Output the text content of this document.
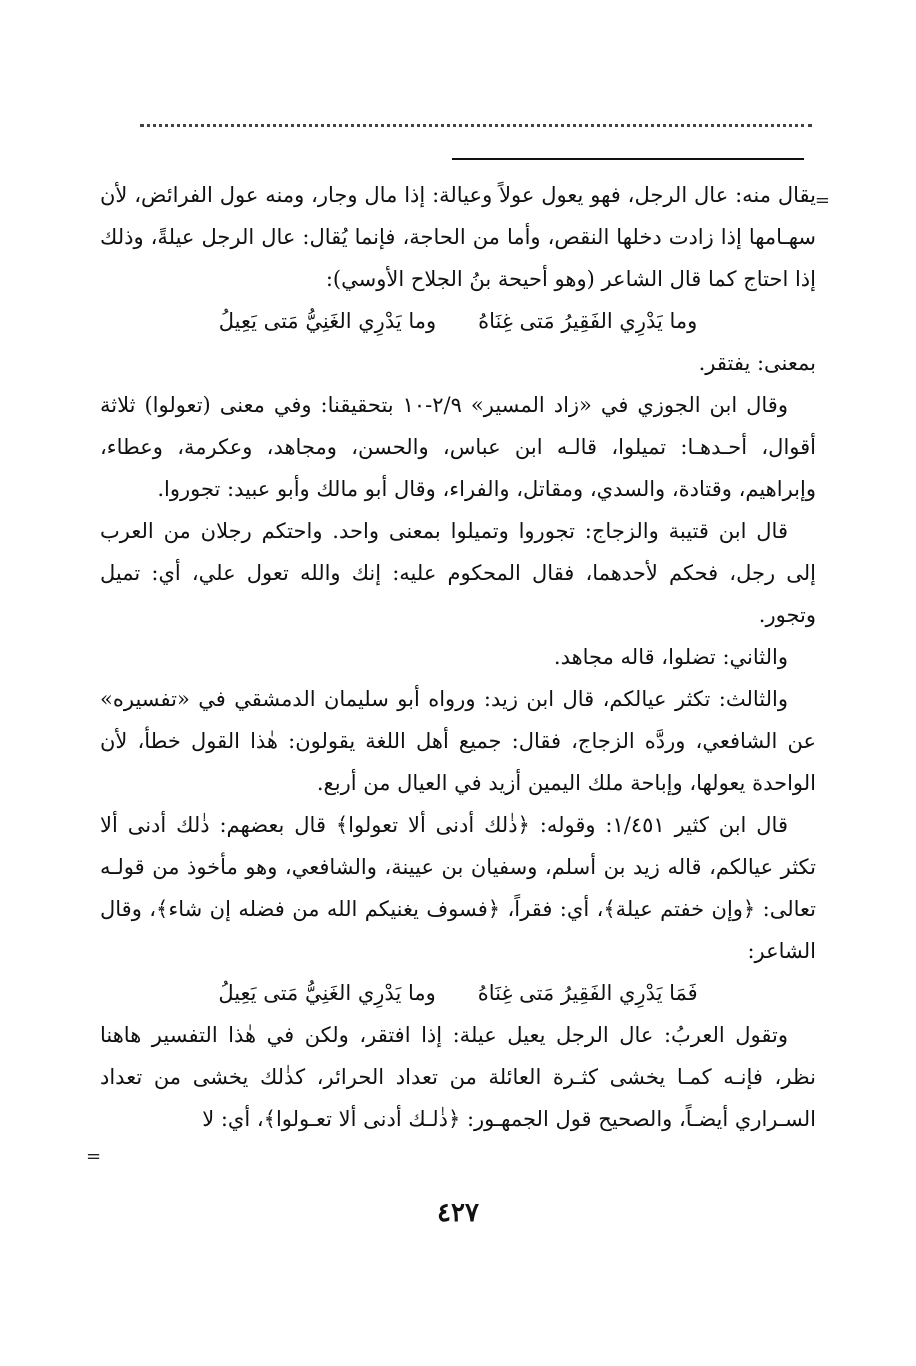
=

يقال منه: عال الرجل، فهو يعول عولاً وعيالة: إذا مال وجار، ومنه عول الفرائض، لأن سهـامها إذا زادت دخلها النقص، وأما من الحاجة، فإنما يُقال: عال الرجل عيلةً، وذلك إذا احتاج كما قال الشاعر (وهو أحيحة بنُ الجلاح الأوسي):

وما يَدْرِي الفَقِيرُ مَتى غِنَاهُ
وما يَدْرِي الغَنِيُّ مَتى يَعِيلُ

بمعنى: يفتقر.

وقال ابن الجوزي في «زاد المسير» ٢/٩-١٠ بتحقيقنا: وفي معنى (تعولوا) ثلاثة أقوال، أحـدهـا: تميلوا، قالـه ابن عباس، والحسن، ومجاهد، وعكرمة، وعطاء، وإبراهيم، وقتادة، والسدي، ومقاتل، والفراء، وقال أبو مالك وأبو عبيد: تجوروا.

قال ابن قتيبة والزجاج: تجوروا وتميلوا بمعنى واحد. واحتكم رجلان من العرب إلى رجل، فحكم لأحدهما، فقال المحكوم عليه: إنك والله تعول علي، أي: تميل وتجور.

والثاني: تضلوا، قاله مجاهد.

والثالث: تكثر عيالكم، قال ابن زيد: ورواه أبو سليمان الدمشقي في «تفسيره» عن الشافعي، وردَّه الزجاج، فقال: جميع أهل اللغة يقولون: هٰذا القول خطأ، لأن الواحدة يعولها، وإباحة ملك اليمين أزيد في العيال من أربع.

قال ابن كثير ١/٤٥١: وقوله: ﴿ذٰلك أدنى ألا تعولوا﴾ قال بعضهم: ذٰلك أدنى ألا تكثر عيالكم، قاله زيد بن أسلم، وسفيان بن عيينة، والشافعي، وهو مأخوذ من قولـه تعالى: ﴿وإن خفتم عيلة﴾، أي: فقراً، ﴿فسوف يغنيكم الله من فضله إن شاء﴾، وقال الشاعر:

فَمَا يَدْرِي الفَقِيرُ مَتى غِنَاهُ
وما يَدْرِي الغَنِيُّ مَتى يَعِيلُ

وتقول العربُ: عال الرجل يعيل عيلة: إذا افتقر، ولكن في هٰذا التفسير هاهنا نظر، فإنـه كمـا يخشى كثـرة العائلة من تعداد الحرائر، كذٰلك يخشى من تعداد السـراري أيضـاً، والصحيح قول الجمهـور: ﴿ذٰلـك أدنى ألا تعـولوا﴾، أي: لا

=
٤٢٧
